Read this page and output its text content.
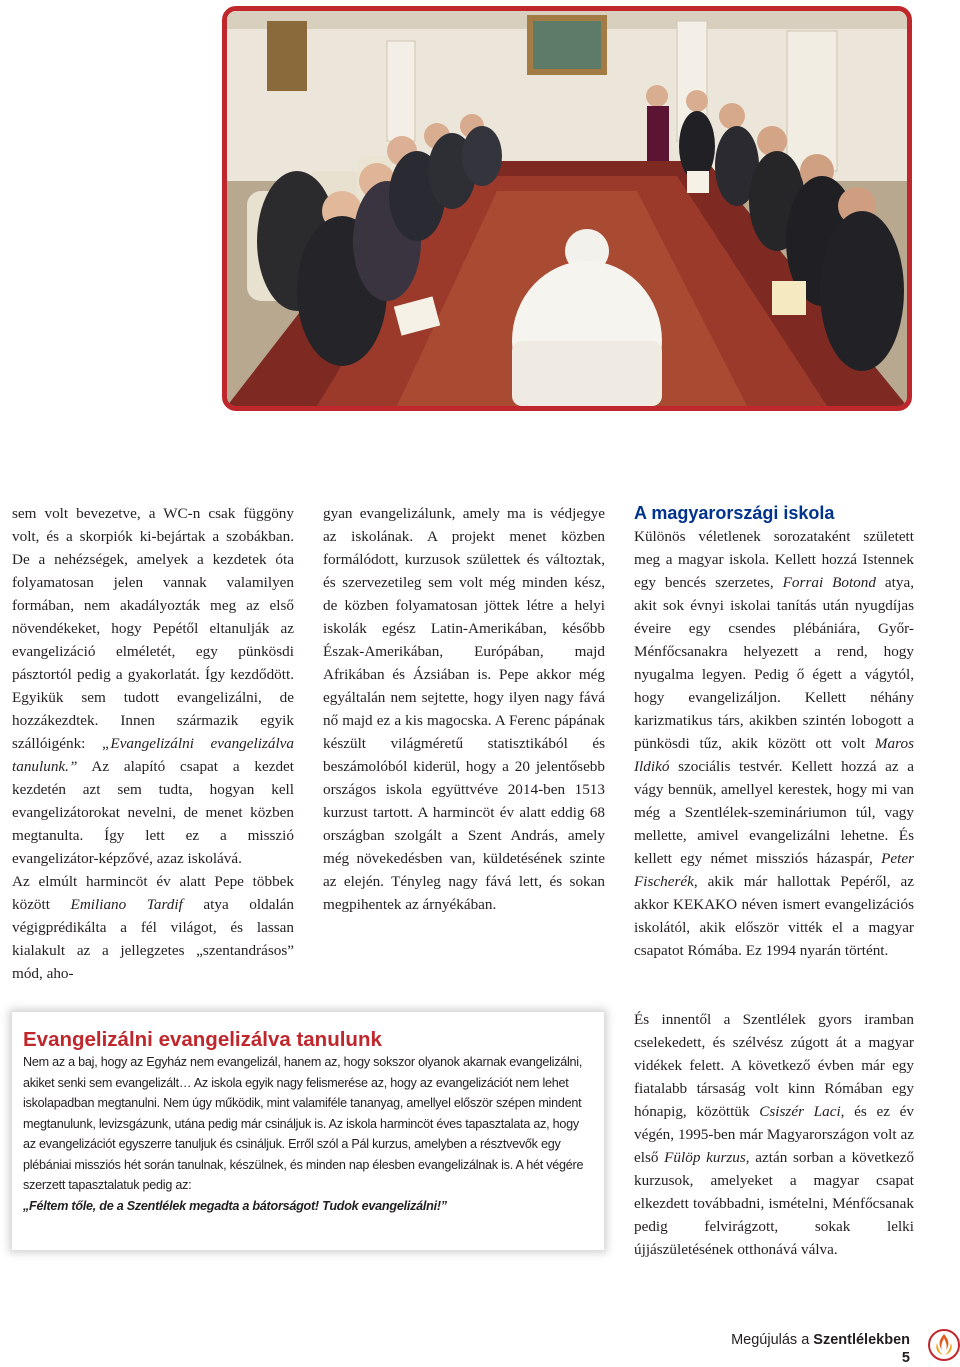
sem volt bevezetve, a WC-n csak függöny volt, és a skorpiók ki-bejártak a szobákban. De a nehézségek, amelyek a kezdetek óta folyamatosan jelen vannak valamilyen formában, nem akadályozták meg az első növendékeket, hogy Pepétől eltanulják az evangelizáció elméletét, egy pünkösdi pásztortól pedig a gyakorlatát. Így kezdődött. Egyikük sem tudott evangelizálni, de hozzákezdtek. Innen származik egyik szállóigénk: „Evangelizálni evangelizálva tanulunk.” Az alapító csapat a kezdet kezdetén azt sem tudta, hogyan kell evangelizátorokat nevelni, de menet közben megtanulta. Így lett ez a misszió evangelizátor-képzővé, azaz iskolává.

Az elmúlt harmincöt év alatt Pepe többek között Emiliano Tardif atya oldalán végigprédikálta a fél világot, és lassan kialakult az a jellegzetes „szentandrásos” mód, aho-

gyan evangelizálunk, amely ma is védjegye az iskolának. A projekt menet közben formálódott, kurzusok születtek és változtak, és szervezetileg sem volt még minden kész, de közben folyamatosan jöttek létre a helyi iskolák egész Latin-Amerikában, később Észak-Amerikában, Európában, majd Afrikában és Ázsiában is. Pepe akkor még egyáltalán nem sejtette, hogy ilyen nagy fává nő majd ez a kis magocska. A Ferenc pápának készült világméretű statisztikából és beszámolóból kiderül, hogy a 20 jelentősebb országos iskola együttvéve 2014-ben 1513 kurzust tartott. A harmincöt év alatt eddig 68 országban szolgált a Szent András, amely még növekedésben van, küldetésének szinte az elején. Tényleg nagy fává lett, és sokan megpihentek az árnyékában.

A magyarországi iskola

Különös véletlenek sorozataként született meg a magyar iskola. Kellett hozzá Istennek egy bencés szerzetes, Forrai Botond atya, akit sok évnyi iskolai tanítás után nyugdíjas éveire egy csendes plébániára, Győr-Ménfőcsanakra helyezett a rend, hogy nyugalma legyen. Pedig ő égett a vágytól, hogy evangelizáljon. Kellett néhány karizmatikus társ, akikben szintén lobogott a pünkösdi tűz, akik között ott volt Maros Ildikó szociális testvér. Kellett hozzá az a vágy bennük, amellyel kerestek, hogy mi van még a Szentlélek-szemináriumon túl, vagy mellette, amivel evangelizálni lehetne. És kellett egy német missziós házaspár, Peter Fischerék, akik már hallottak Pepéről, az akkor KEKAKO néven ismert evangelizációs iskolától, akik először vitték el a magyar csapatot Rómába. Ez 1994 nyarán történt.

És innentől a Szentlélek gyors iramban cselekedett, és szélvész zúgott át a magyar vidékek felett. A következő évben már egy fiatalabb társaság volt kinn Rómában egy hónapig, közöttük Csiszér Laci, és ez év végén, 1995-ben már Magyarországon volt az első Fülöp kurzus, aztán sorban a következő kurzusok, amelyeket a magyar csapat elkezdett továbbadni, ismételni, Ménfőcsanak pedig felvirágzott, sokak lelki újjászületésének otthonává válva.

Evangelizálni evangelizálva tanulunk
Nem az a baj, hogy az Egyház nem evangelizál, hanem az, hogy sokszor olyanok akarnak evangelizálni, akiket senki sem evangelizált… Az iskola egyik nagy felismerése az, hogy az evangelizációt nem lehet iskolapadban megtanulni. Nem úgy működik, mint valamiféle tananyag, amellyel először szépen mindent megtanulunk, levizsgázunk, utána pedig már csináljuk is. Az iskola harmincöt éves tapasztalata az, hogy az evangelizációt egyszerre tanuljuk és csináljuk. Erről szól a Pál kurzus, amelyben a résztvevők egy plébániai missziós hét során tanulnak, készülnek, és minden nap élesben evangelizálnak is. A hét végére szerzett tapasztalatuk pedig az:
„Féltem tőle, de a Szentlélek megadta a bátorságot! Tudok evangelizálni!”
Megújulás a Szentlélekben
5
